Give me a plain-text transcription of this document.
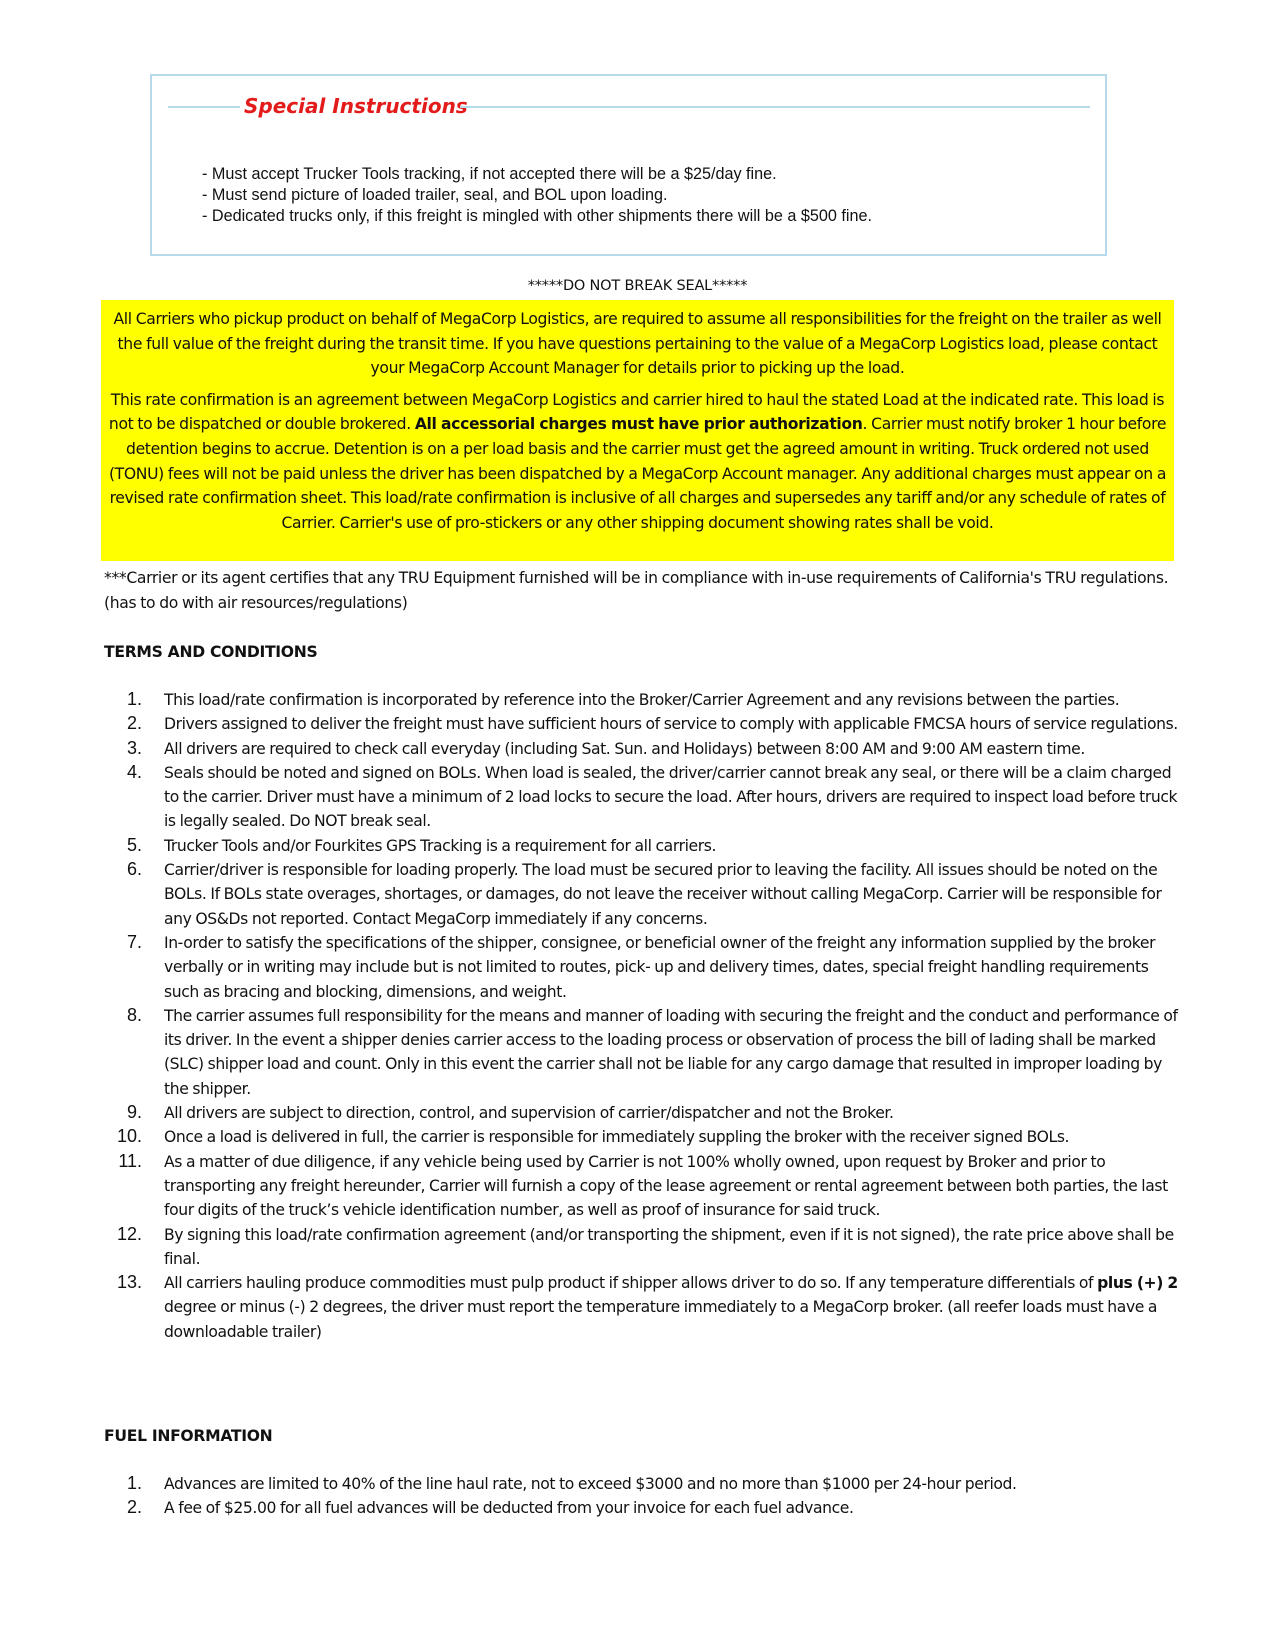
Special Instructions
- Must accept Trucker Tools tracking, if not accepted there will be a $25/day fine.
- Must send picture of loaded trailer, seal, and BOL upon loading.
- Dedicated trucks only, if this freight is mingled with other shipments there will be a $500 fine.
*****DO NOT BREAK SEAL*****

All Carriers who pickup product on behalf of MegaCorp Logistics, are required to assume all responsibilities for the freight on the trailer as well the full value of the freight during the transit time. If you have questions pertaining to the value of a MegaCorp Logistics load, please contact your MegaCorp Account Manager for details prior to picking up the load.

This rate confirmation is an agreement between MegaCorp Logistics and carrier hired to haul the stated Load at the indicated rate. This load is not to be dispatched or double brokered. All accessorial charges must have prior authorization. Carrier must notify broker 1 hour before detention begins to accrue. Detention is on a per load basis and the carrier must get the agreed amount in writing. Truck ordered not used (TONU) fees will not be paid unless the driver has been dispatched by a MegaCorp Account manager. Any additional charges must appear on a revised rate confirmation sheet. This load/rate confirmation is inclusive of all charges and supersedes any tariff and/or any schedule of rates of Carrier. Carrier's use of pro-stickers or any other shipping document showing rates shall be void.

***Carrier or its agent certifies that any TRU Equipment furnished will be in compliance with in-use requirements of California's TRU regulations. (has to do with air resources/regulations)

TERMS AND CONDITIONS
1. This load/rate confirmation is incorporated by reference into the Broker/Carrier Agreement and any revisions between the parties.
2. Drivers assigned to deliver the freight must have sufficient hours of service to comply with applicable FMCSA hours of service regulations.
3. All drivers are required to check call everyday (including Sat. Sun. and Holidays) between 8:00 AM and 9:00 AM eastern time.
4. Seals should be noted and signed on BOLs. When load is sealed, the driver/carrier cannot break any seal, or there will be a claim charged to the carrier. Driver must have a minimum of 2 load locks to secure the load. After hours, drivers are required to inspect load before truck is legally sealed. Do NOT break seal.
5. Trucker Tools and/or Fourkites GPS Tracking is a requirement for all carriers.
6. Carrier/driver is responsible for loading properly. The load must be secured prior to leaving the facility. All issues should be noted on the BOLs. If BOLs state overages, shortages, or damages, do not leave the receiver without calling MegaCorp. Carrier will be responsible for any OS&Ds not reported. Contact MegaCorp immediately if any concerns.
7. In-order to satisfy the specifications of the shipper, consignee, or beneficial owner of the freight any information supplied by the broker verbally or in writing may include but is not limited to routes, pick- up and delivery times, dates, special freight handling requirements such as bracing and blocking, dimensions, and weight.
8. The carrier assumes full responsibility for the means and manner of loading with securing the freight and the conduct and performance of its driver. In the event a shipper denies carrier access to the loading process or observation of process the bill of lading shall be marked (SLC) shipper load and count. Only in this event the carrier shall not be liable for any cargo damage that resulted in improper loading by the shipper.
9. All drivers are subject to direction, control, and supervision of carrier/dispatcher and not the Broker.
10. Once a load is delivered in full, the carrier is responsible for immediately suppling the broker with the receiver signed BOLs.
11. As a matter of due diligence, if any vehicle being used by Carrier is not 100% wholly owned, upon request by Broker and prior to transporting any freight hereunder, Carrier will furnish a copy of the lease agreement or rental agreement between both parties, the last four digits of the truck’s vehicle identification number, as well as proof of insurance for said truck.
12. By signing this load/rate confirmation agreement (and/or transporting the shipment, even if it is not signed), the rate price above shall be final.
13. All carriers hauling produce commodities must pulp product if shipper allows driver to do so. If any temperature differentials of plus (+) 2 degree or minus (-) 2 degrees, the driver must report the temperature immediately to a MegaCorp broker. (all reefer loads must have a downloadable trailer)
FUEL INFORMATION
1. Advances are limited to 40% of the line haul rate, not to exceed $3000 and no more than $1000 per 24-hour period.
2. A fee of $25.00 for all fuel advances will be deducted from your invoice for each fuel advance.
